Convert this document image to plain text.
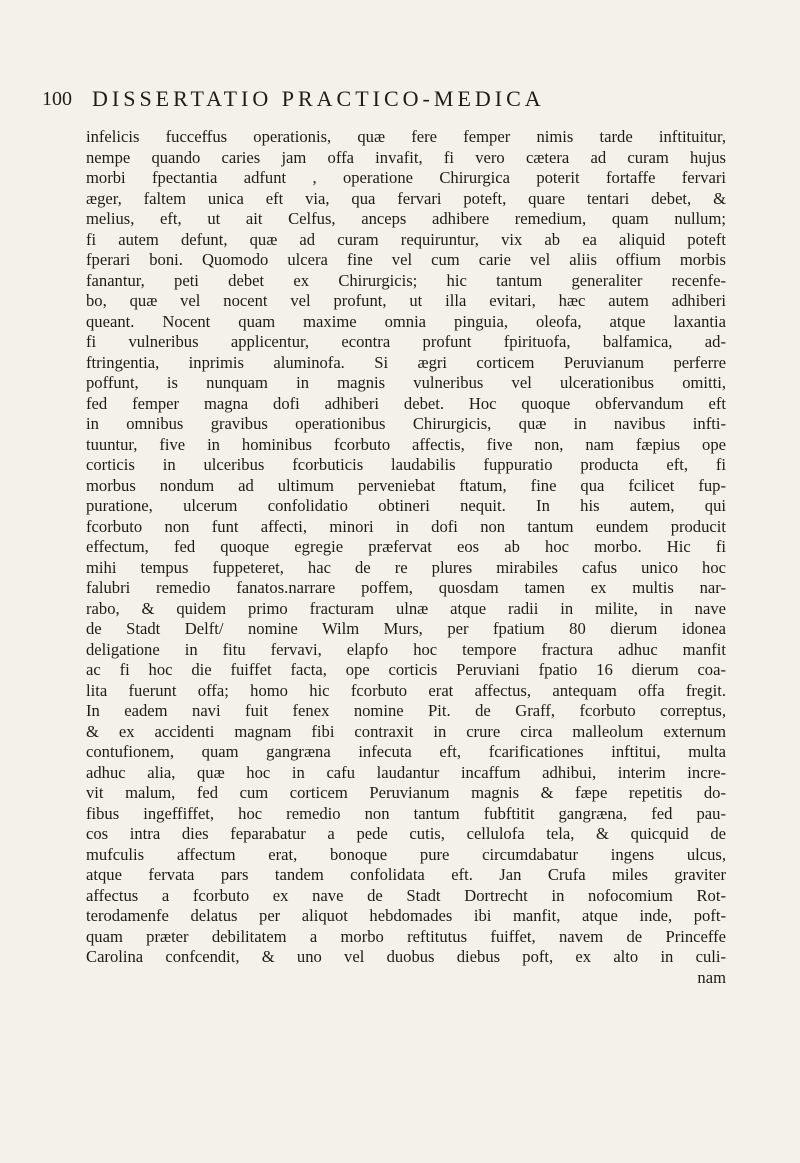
100 DISSERTATIO PRACTICO-MEDICA
infelicis fucceffus operationis, quæ fere femper nimis tarde inftituitur,
nempe quando caries jam offa invafit, fi vero cætera ad curam hujus
morbi fpectantia adfunt , operatione Chirurgica poterit fortaffe fervari
æger, faltem unica eft via, qua fervari poteft, quare tentari debet, &
melius, eft, ut ait Celfus, anceps adhibere remedium, quam nullum;
fi autem defunt, quæ ad curam requiruntur, vix ab ea aliquid poteft
fperari boni. Quomodo ulcera fine vel cum carie vel aliis offium morbis
fanantur, peti debet ex Chirurgicis; hic tantum generaliter recenfe-
bo, quæ vel nocent vel profunt, ut illa evitari, hæc autem adhiberi
queant. Nocent quam maxime omnia pinguia, oleofa, atque laxantia
fi vulneribus applicentur, econtra profunt fpirituofa, balfamica, ad-
ftringentia, inprimis aluminofa. Si ægri corticem Peruvianum perferre
poffunt, is nunquam in magnis vulneribus vel ulcerationibus omitti,
fed femper magna dofi adhiberi debet. Hoc quoque obfervandum eft
in omnibus gravibus operationibus Chirurgicis, quæ in navibus infti-
tuuntur, five in hominibus fcorbuto affectis, five non, nam fæpius ope
corticis in ulceribus fcorbuticis laudabilis fuppuratio producta eft, fi
morbus nondum ad ultimum perveniebat ftatum, fine qua fcilicet fup-
puratione, ulcerum confolidatio obtineri nequit. In his autem, qui
fcorbuto non funt affecti, minori in dofi non tantum eundem producit
effectum, fed quoque egregie præfervat eos ab hoc morbo. Hic fi
mihi tempus fuppeteret, hac de re plures mirabiles cafus unico hoc
falubri remedio fanatos.narrare poffem, quosdam tamen ex multis nar-
rabo, & quidem primo fracturam ulnæ atque radii in milite, in nave
de Stadt Delft/ nomine Wilm Murs, per fpatium 80 dierum idonea
deligatione in fitu fervavi, elapfo hoc tempore fractura adhuc manfit
ac fi hoc die fuiffet facta, ope corticis Peruviani fpatio 16 dierum coa-
lita fuerunt offa; homo hic fcorbuto erat affectus, antequam offa fregit.
In eadem navi fuit fenex nomine Pit. de Graff, fcorbuto correptus,
& ex accidenti magnam fibi contraxit in crure circa malleolum externum
contufionem, quam gangræna infecuta eft, fcarificationes inftitui, multa
adhuc alia, quæ hoc in cafu laudantur incaffum adhibui, interim incre-
vit malum, fed cum corticem Peruvianum magnis & fæpe repetitis do-
fibus ingeffiffet, hoc remedio non tantum fubftitit gangræna, fed pau-
cos intra dies feparabatur a pede cutis, cellulofa tela, & quicquid de
mufculis affectum erat, bonoque pure circumdabatur ingens ulcus,
atque fervata pars tandem confolidata eft. Jan Crufa miles graviter
affectus a fcorbuto ex nave de Stadt Dortrecht in nofocomium Rot-
terodamenfe delatus per aliquot hebdomades ibi manfit, atque inde, poft-
quam præter debilitatem a morbo reftitutus fuiffet, navem de Princeffe
Carolina confcendit, & uno vel duobus diebus poft, ex alto in culi-
nam
